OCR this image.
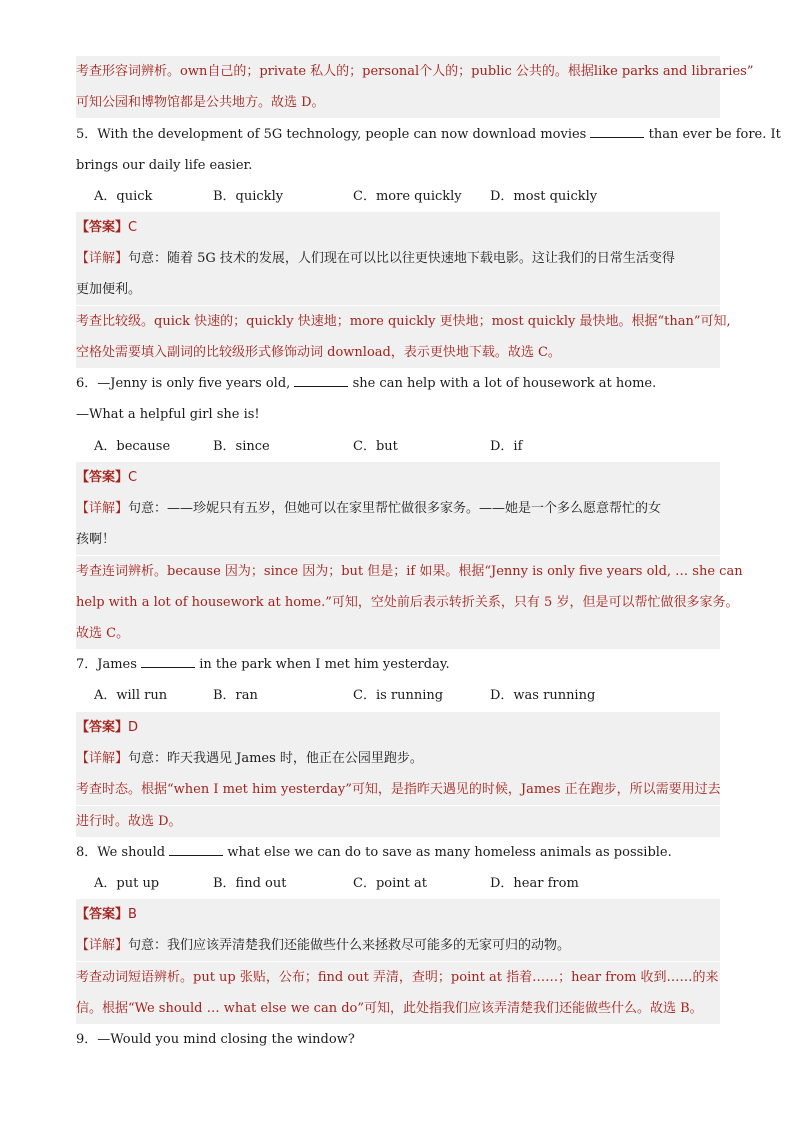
考查形容词辨析。own自己的；private 私人的；personal个人的；public 公共的。根据like parks and libraries”
可知公园和博物馆都是公共地方。故选 D。
5．With the development of 5G technology, people can now download movies	than ever be fore. It
brings our daily life easier.
A．quick	B．quickly	C．more quickly D．most quickly
【答案】C
【详解】句意：随着 5G 技术的发展，人们现在可以比以往更快速地下载电影。这让我们的日常生活变得
更加便利。
考查比较级。quick 快速的；quickly 快速地；more quickly 更快地；most quickly 最快地。根据“than”可知,
空格处需要填入副词的比较级形式修饰动词 download，表示更快地下载。故选 C。
6．—Jenny is only five years old,	she can help with a lot of housework at home.
—What a helpful girl she is!
A．because	B．since	C．but	D．if
【答案】C
【详解】句意：——珍妮只有五岁，但她可以在家里帮忙做很多家务。——她是一个多么愿意帮忙的女
孩啊！
考查连词辨析。because 因为；since 因为；but 但是；if 如果。根据“Jenny is only five years old, … she can
help with a lot of housework at home.”可知，空处前后表示转折关系，只有 5 岁，但是可以帮忙做很多家务。
故选 C。
7．James	in the park when I met him yesterday.
A．will run	B．ran	C．is running	D．was running
【答案】D
【详解】句意：昨天我遇见 James 时，他正在公园里跑步。
考查时态。根据“when I met him yesterday”可知，是指昨天遇见的时候，James 正在跑步，所以需要用过去
进行时。故选 D。
8．We should	what else we can do to save as many homeless animals as possible.
A．put up	B．find out	C．point at	D．hear from
【答案】B
【详解】句意：我们应该弄清楚我们还能做些什么来拯救尽可能多的无家可归的动物。
考查动词短语辨析。put up 张贴，公布；find out 弄清，查明；point at 指着……；hear from 收到……的来
信。根据“We should … what else we can do”可知，此处指我们应该弄清楚我们还能做些什么。故选 B。
9．—Would you mind closing the window?
